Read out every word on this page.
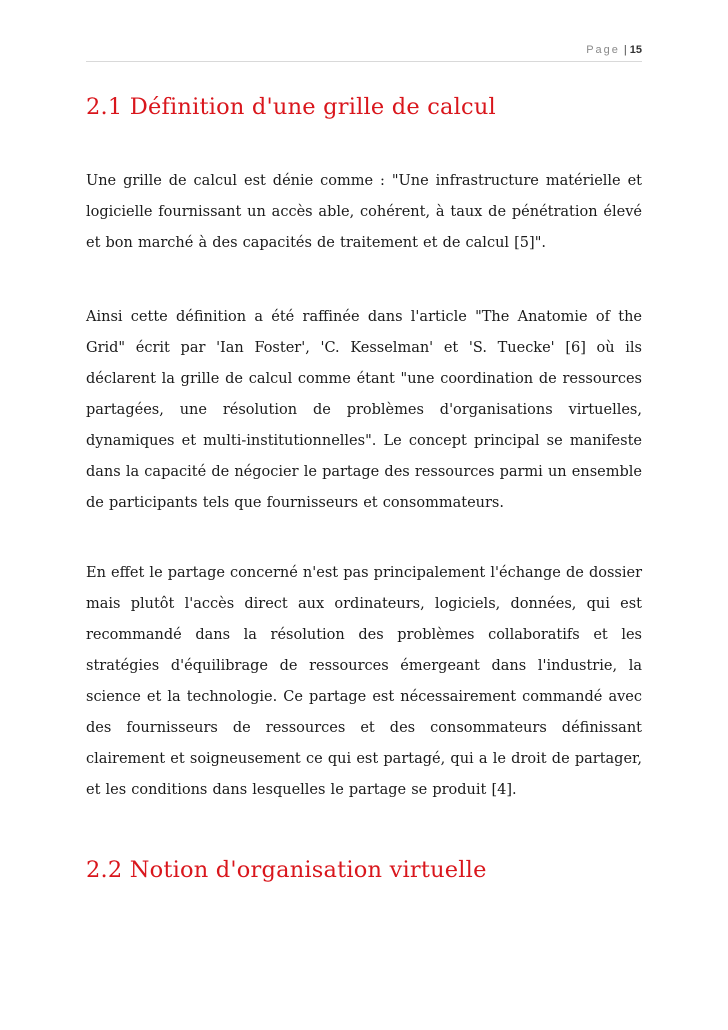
Page | 15
2.1 Définition d'une grille de calcul

Une grille de calcul est dénie comme : "Une infrastructure matérielle et logicielle fournissant un accès able, cohérent, à taux de pénétration élevé et bon marché à des capacités de traitement et de calcul [5]".

Ainsi cette définition a été raffinée dans l'article "The Anatomie of the Grid" écrit par 'Ian Foster', 'C. Kesselman' et 'S. Tuecke' [6] où ils déclarent la grille de calcul comme étant "une coordination de ressources partagées, une résolution de problèmes d'organisations virtuelles, dynamiques et multi-institutionnelles". Le concept principal se manifeste dans la capacité de négocier le partage des ressources parmi un ensemble de participants tels que fournisseurs et consommateurs.

En effet le partage concerné n'est pas principalement l'échange de dossier mais plutôt l'accès direct aux ordinateurs, logiciels, données, qui est recommandé dans la résolution des problèmes collaboratifs et les stratégies d'équilibrage de ressources émergeant dans l'industrie, la science et la technologie. Ce partage est nécessairement commandé avec des fournisseurs de ressources et des consommateurs définissant clairement et soigneusement ce qui est partagé, qui a le droit de partager, et les conditions dans lesquelles le partage se produit [4].

2.2 Notion d'organisation virtuelle
